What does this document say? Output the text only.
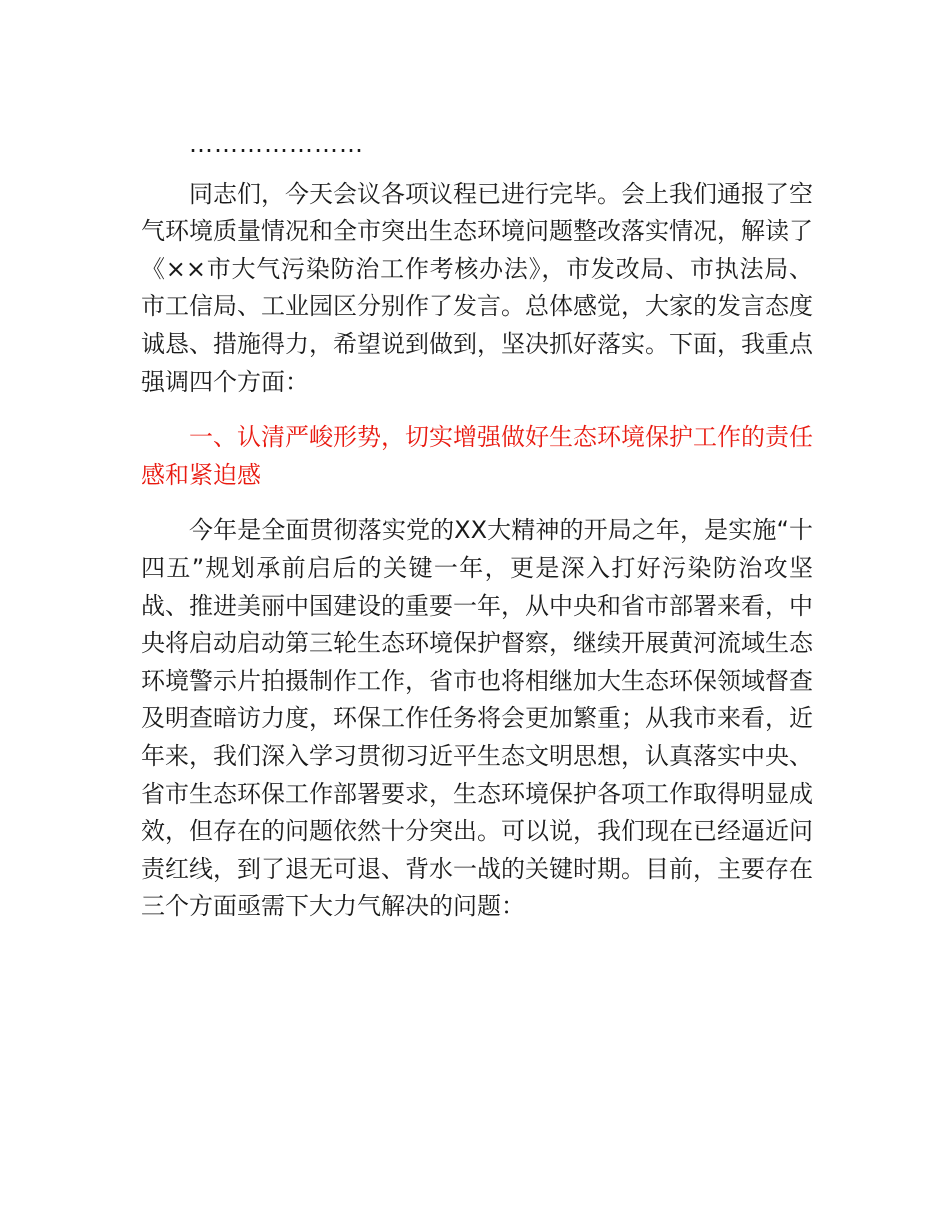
…………………

同志们，今天会议各项议程已进行完毕。会上我们通报了空气环境质量情况和全市突出生态环境问题整改落实情况，解读了《××市大气污染防治工作考核办法》，市发改局、市执法局、市工信局、工业园区分别作了发言。总体感觉，大家的发言态度诚恳、措施得力，希望说到做到，坚决抓好落实。下面，我重点强调四个方面：

一、认清严峻形势，切实增强做好生态环境保护工作的责任感和紧迫感

今年是全面贯彻落实党的XX大精神的开局之年，是实施“十四五”规划承前启后的关键一年，更是深入打好污染防治攻坚战、推进美丽中国建设的重要一年，从中央和省市部署来看，中央将启动启动第三轮生态环境保护督察，继续开展黄河流域生态环境警示片拍摄制作工作，省市也将相继加大生态环保领域督查及明查暗访力度，环保工作任务将会更加繁重；从我市来看，近年来，我们深入学习贯彻习近平生态文明思想，认真落实中央、省市生态环保工作部署要求，生态环境保护各项工作取得明显成效，但存在的问题依然十分突出。可以说，我们现在已经逼近问责红线，到了退无可退、背水一战的关键时期。目前，主要存在三个方面亟需下大力气解决的问题：
